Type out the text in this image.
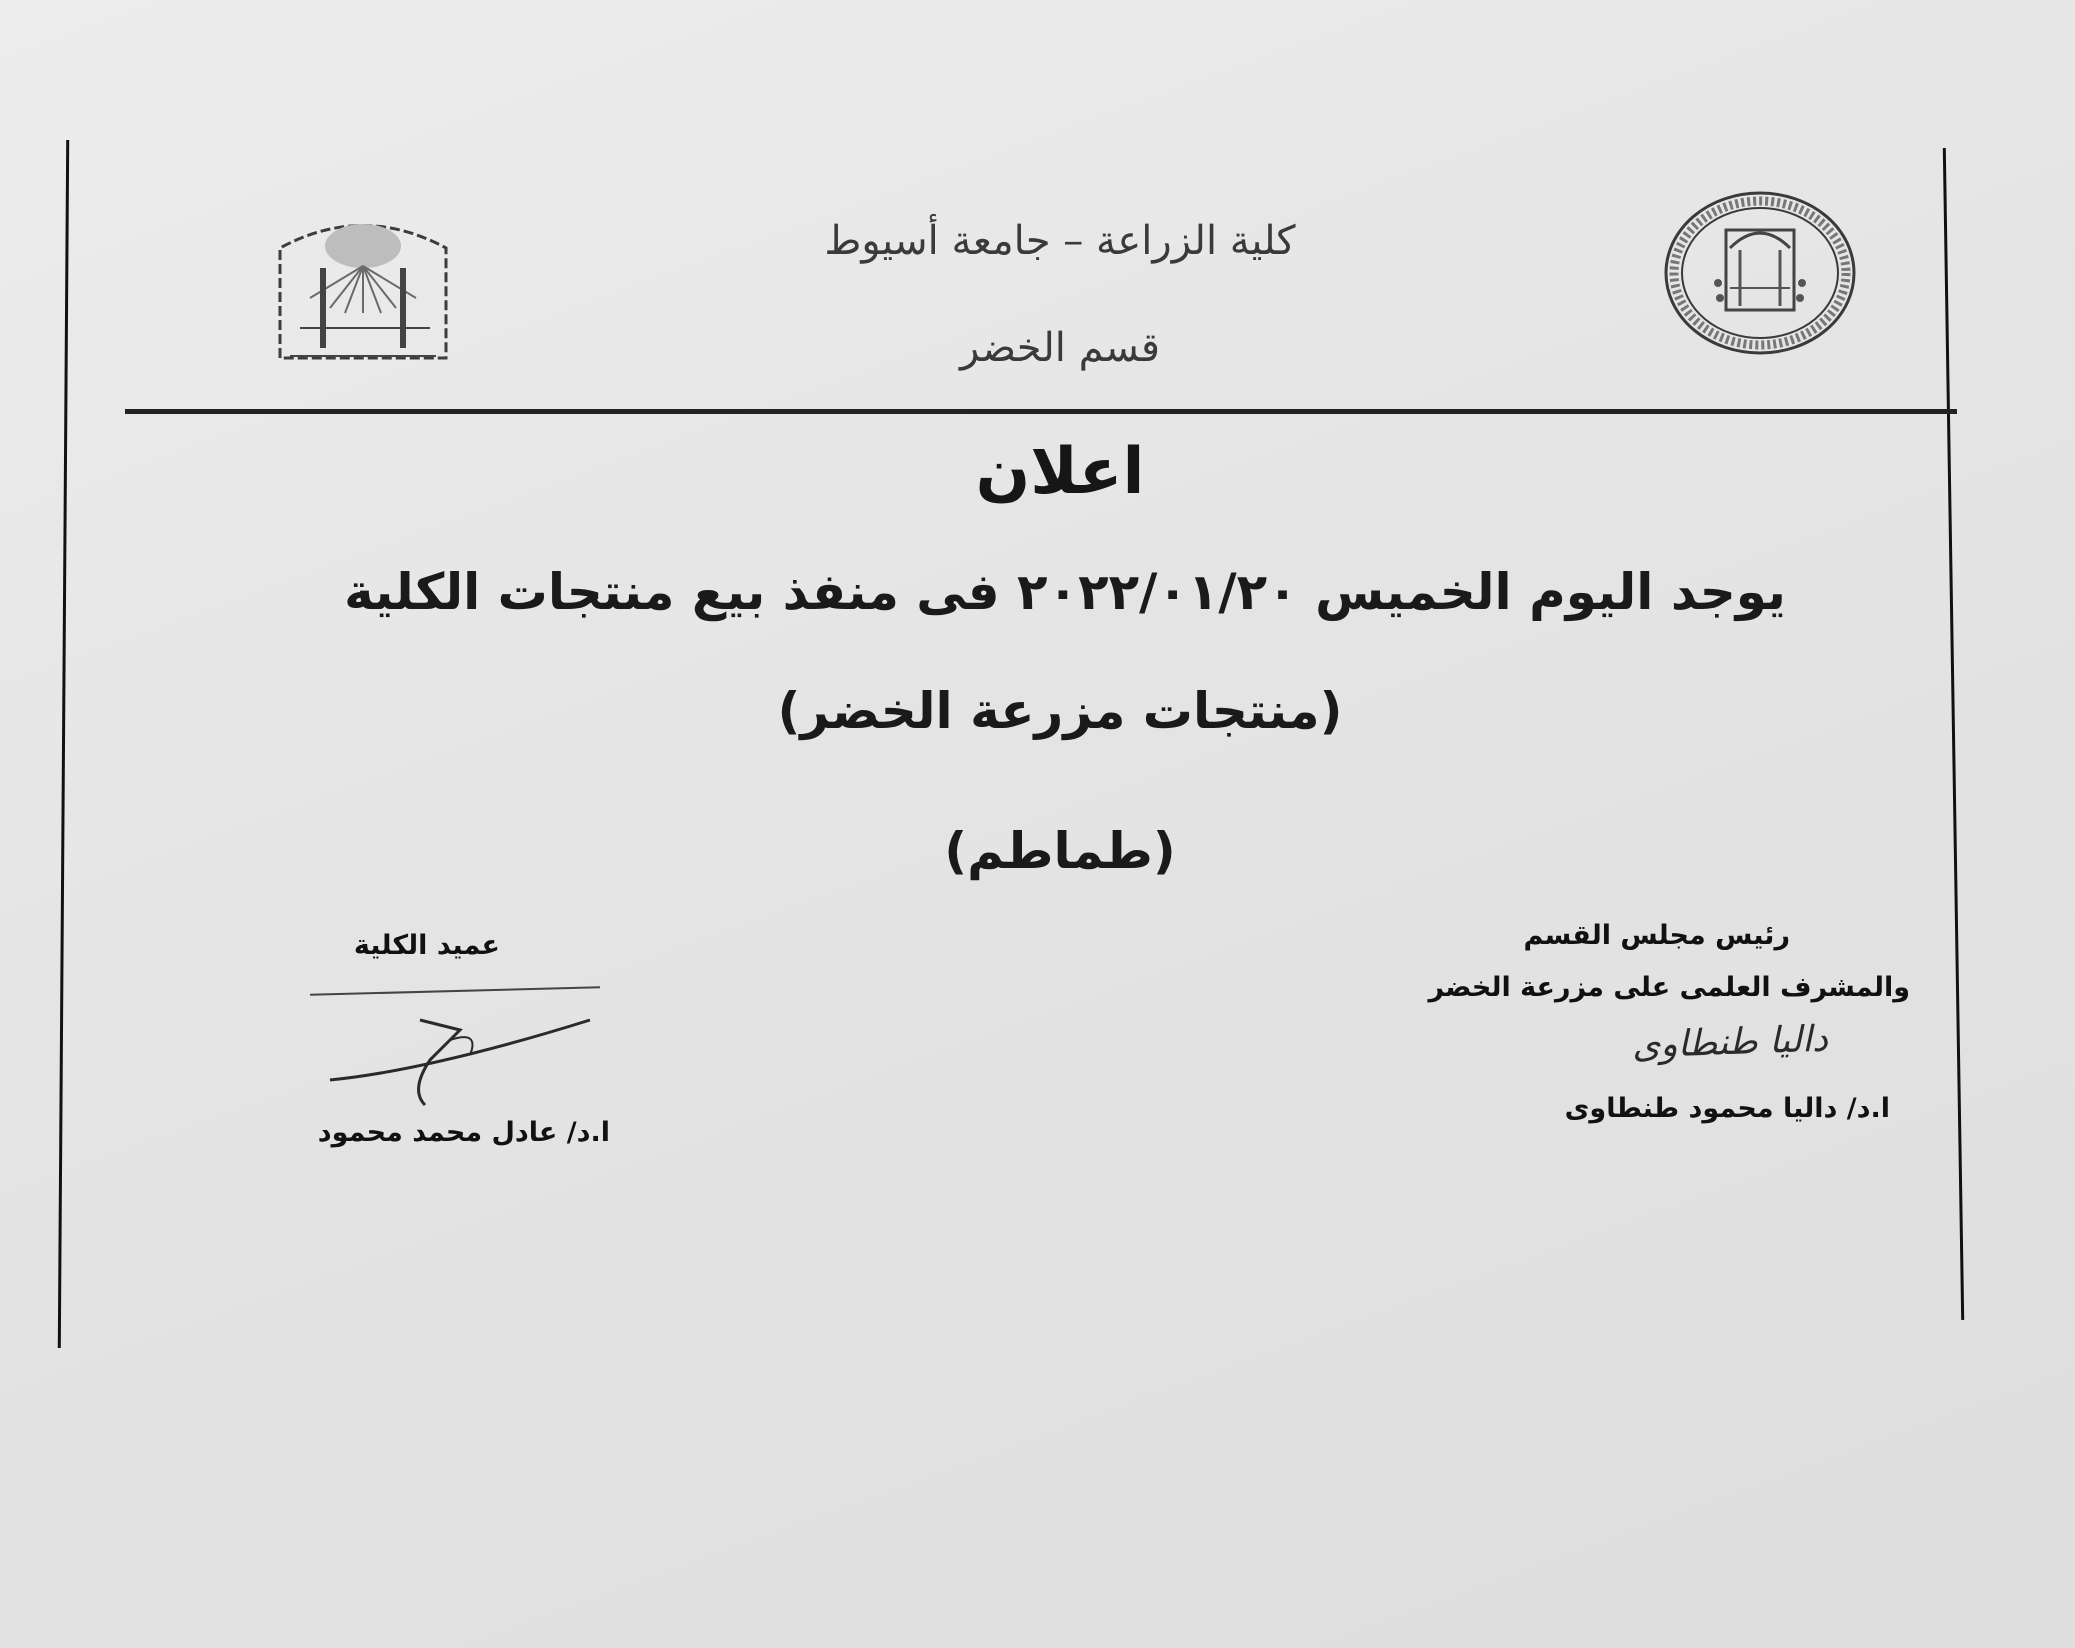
كلية الزراعة – جامعة أسيوط
قسم الخضر
اعلان
يوجد اليوم الخميس ٢٠٢٢/٠١/٢٠ فى منفذ بيع منتجات الكلية
(منتجات مزرعة الخضر)
(طماطم)
رئيس مجلس القسم
والمشرف العلمى على مزرعة الخضر
داليا طنطاوى
ا.د/ داليا محمود طنطاوى
عميد الكلية
ا.د/ عادل محمد محمود
